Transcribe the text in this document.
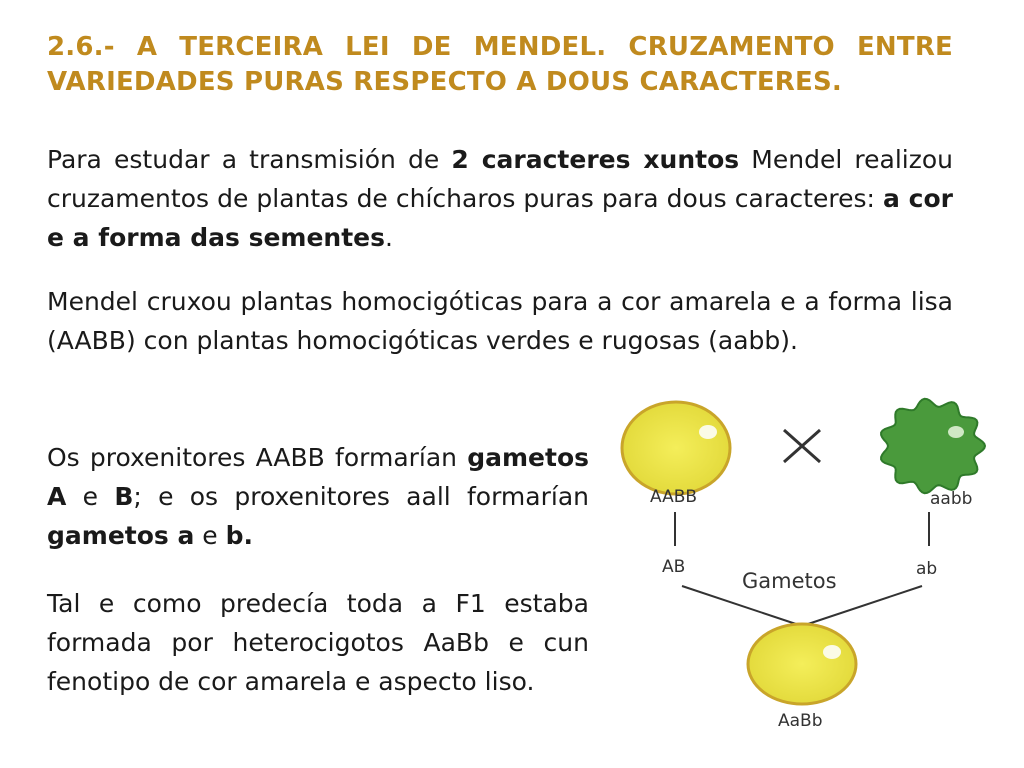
2.6.- A TERCEIRA LEI DE MENDEL. CRUZAMENTO ENTRE VARIEDADES PURAS RESPECTO A DOUS CARACTERES.
Para estudar a transmisión de 2 caracteres xuntos Mendel realizou cruzamentos de plantas de chícharos puras para dous caracteres: a cor e a forma das sementes.
Mendel cruxou plantas homocigóticas para a cor amarela e a forma lisa (AABB) con plantas homocigóticas verdes e rugosas (aabb).
Os proxenitores AABB formarían gametos A e B; e os proxenitores aall formarían gametos a e b.
Tal e como predecía toda a F1 estaba formada por heterocigotos AaBb e cun fenotipo de cor amarela e aspecto liso.
AABB	aabb
AB	ab
Gametos
AaBb
